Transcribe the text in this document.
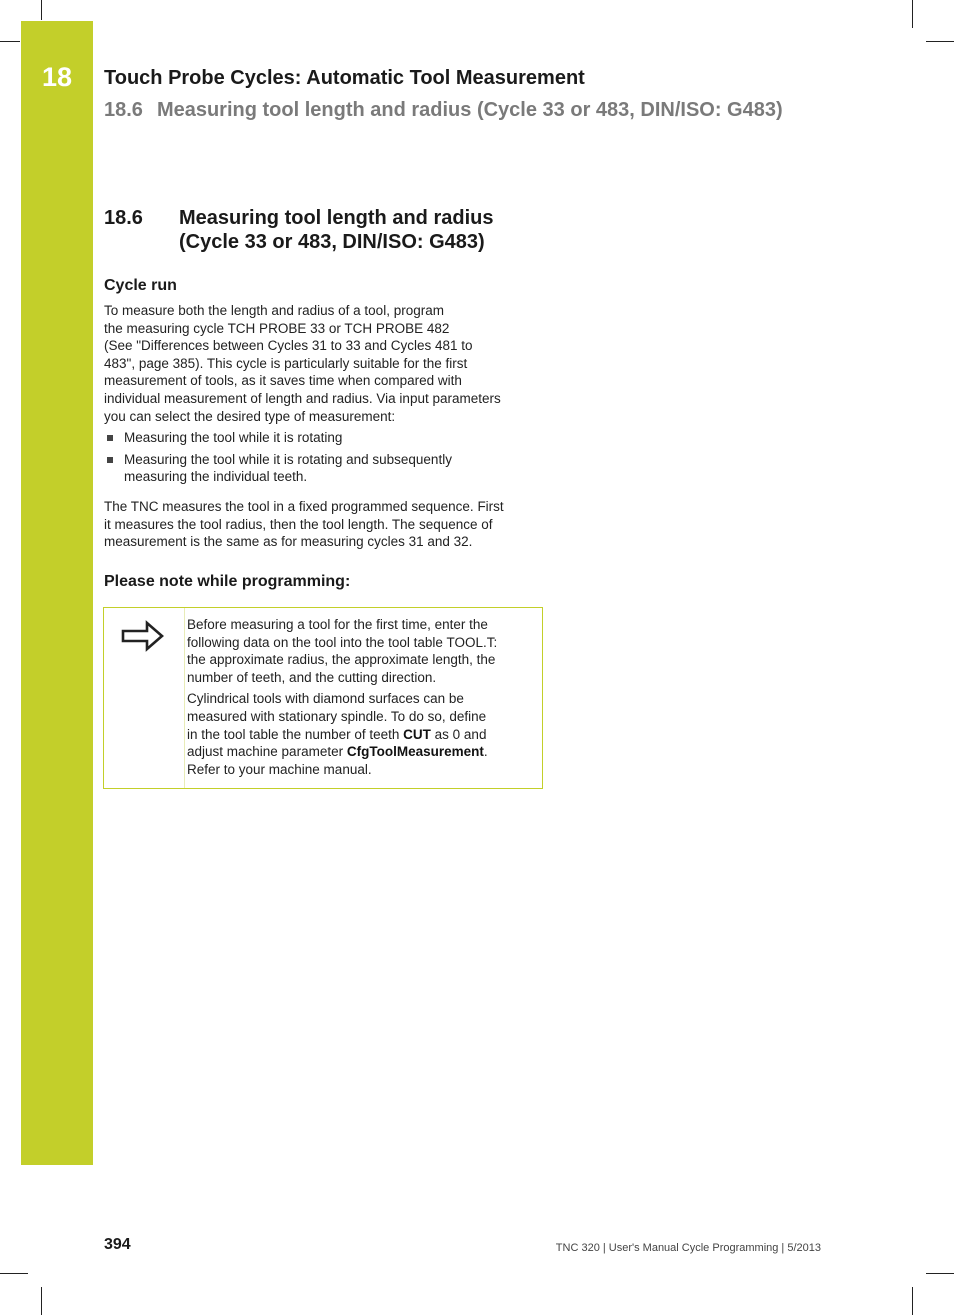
18	Touch Probe Cycles: Automatic Tool Measurement
18.6 Measuring tool length and radius (Cycle 33 or 483, DIN/ISO: G483)
18.6 Measuring tool length and radius
(Cycle 33 or 483, DIN/ISO: G483)
Cycle run
To measure both the length and radius of a tool, program
the measuring cycle TCH PROBE 33 or TCH PROBE 482
(See "Differences between Cycles 31 to 33 and Cycles 481 to
483", page 385). This cycle is particularly suitable for the first
measurement of tools, as it saves time when compared with
individual measurement of length and radius. Via input parameters
you can select the desired type of measurement:
Measuring the tool while it is rotating
Measuring the tool while it is rotating and subsequently
measuring the individual teeth.
The TNC measures the tool in a fixed programmed sequence. First
it measures the tool radius, then the tool length. The sequence of
measurement is the same as for measuring cycles 31 and 32.
Please note while programming:

Before measuring a tool for the first time, enter the
following data on the tool into the tool table TOOL.T:
the approximate radius, the approximate length, the
number of teeth, and the cutting direction.

Cylindrical tools with diamond surfaces can be
measured with stationary spindle. To do so, define
in the tool table the number of teeth CUT as 0 and
adjust machine parameter CfgToolMeasurement.
Refer to your machine manual.

394	TNC 320 | User's Manual Cycle Programming | 5/2013
